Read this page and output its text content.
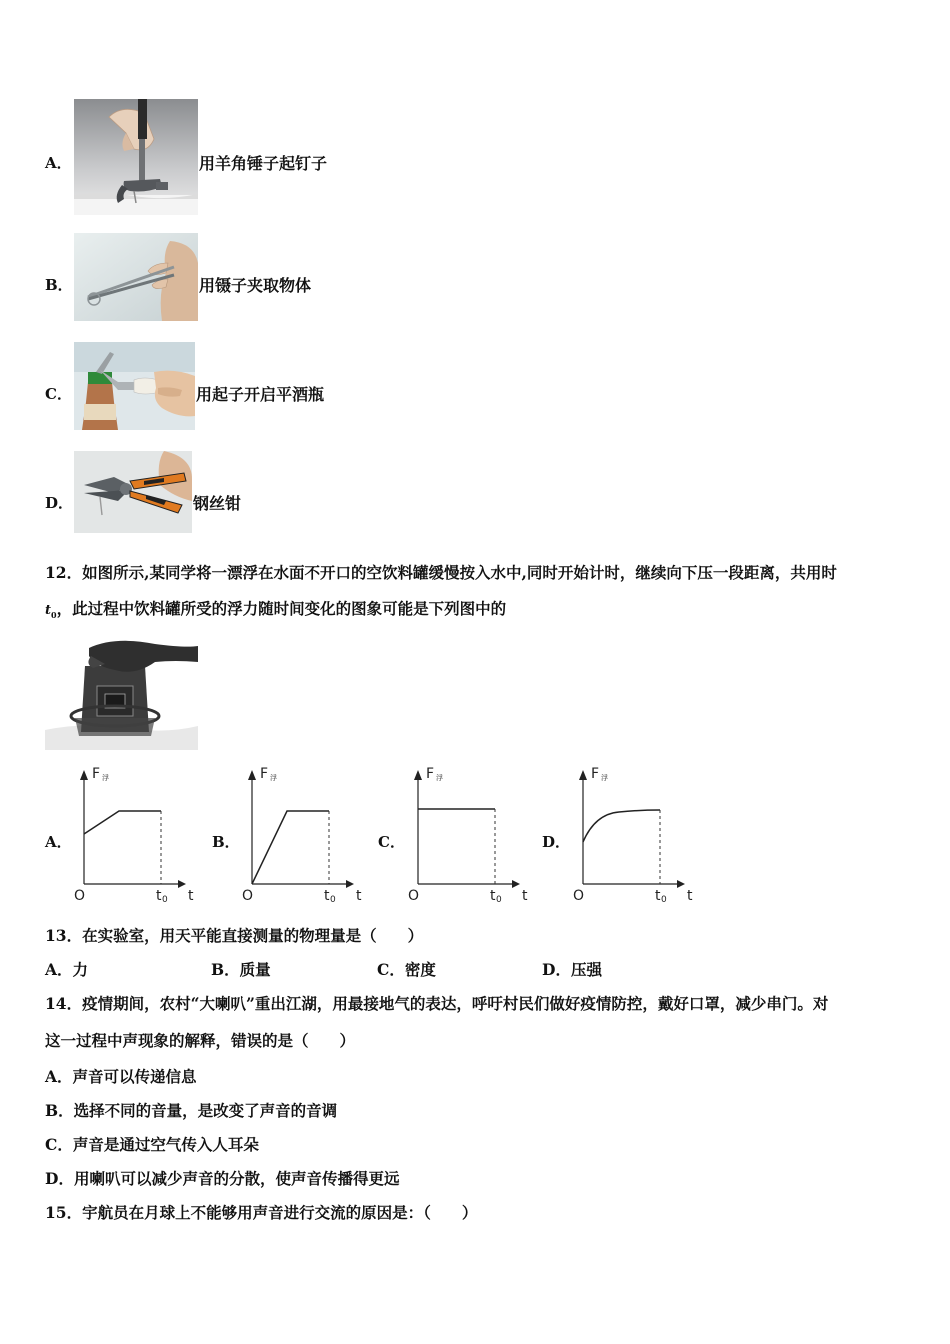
A．	用羊角锤子起钉子
B．	用镊子夹取物体
C．	用起子开启平酒瓶
D．	钢丝钳
12．如图所示,某同学将一漂浮在水面不开口的空饮料罐缓慢按入水中,同时开始计时，继续向下压一段距离，共用时
$t_0$，此过程中饮料罐所受的浮力随时间变化的图象可能是下列图中的
A．
F 浮
O	t 0 t
B．
F 浮
O	t 0 t
C．
F 浮
O	t 0 t
D．
F 浮
O	t 0 t
13．在实验室，用天平能直接测量的物理量是（　　）
A．力	B．质量	C．密度	D．压强
14．疫情期间，农村“大喇叭”重出江湖，用最接地气的表达，呼吁村民们做好疫情防控，戴好口罩，减少串门。对
这一过程中声现象的解释，错误的是（　　）
A．声音可以传递信息
B．选择不同的音量，是改变了声音的音调
C．声音是通过空气传入人耳朵
D．用喇叭可以减少声音的分散，使声音传播得更远
15．宇航员在月球上不能够用声音进行交流的原因是：（　　）
